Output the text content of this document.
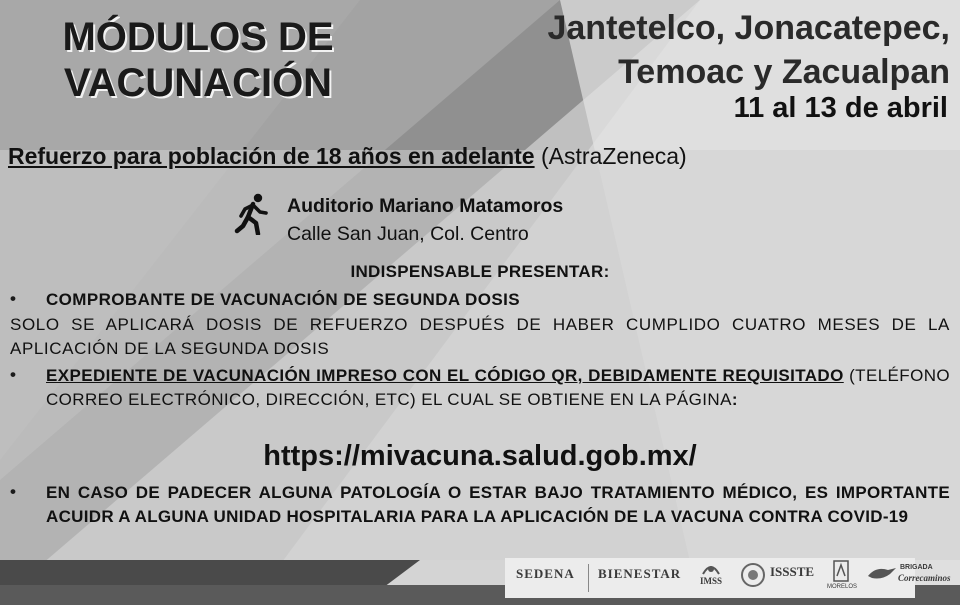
MÓDULOS DE
VACUNACIÓN
Jantetelco, Jonacatepec,
Temoac y Zacualpan
11 al 13 de abril
Refuerzo para población de 18 años en adelante (AstraZeneca)
Auditorio Mariano Matamoros
Calle San Juan, Col. Centro
INDISPENSABLE PRESENTAR:
•	COMPROBANTE DE VACUNACIÓN DE SEGUNDA DOSIS
SOLO SE APLICARÁ DOSIS DE REFUERZO DESPUÉS DE HABER CUMPLIDO CUATRO MESES DE LA APLICACIÓN DE LA SEGUNDA DOSIS
•	EXPEDIENTE DE VACUNACIÓN IMPRESO CON EL CÓDIGO QR, DEBIDAMENTE REQUISITADO (TELÉFONO CORREO ELECTRÓNICO, DIRECCIÓN, ETC) EL CUAL SE OBTIENE EN LA PÁGINA:
https://mivacuna.salud.gob.mx/
•	EN CASO DE PADECER ALGUNA PATOLOGÍA O ESTAR BAJO TRATAMIENTO MÉDICO, ES IMPORTANTE ACUIDR A ALGUNA UNIDAD HOSPITALARIA PARA LA APLICACIÓN DE LA VACUNA CONTRA COVID-19
SEDENA BIENESTAR IMSS
ISSSTE
MORELOS
BRIGADA
Correcaminos
